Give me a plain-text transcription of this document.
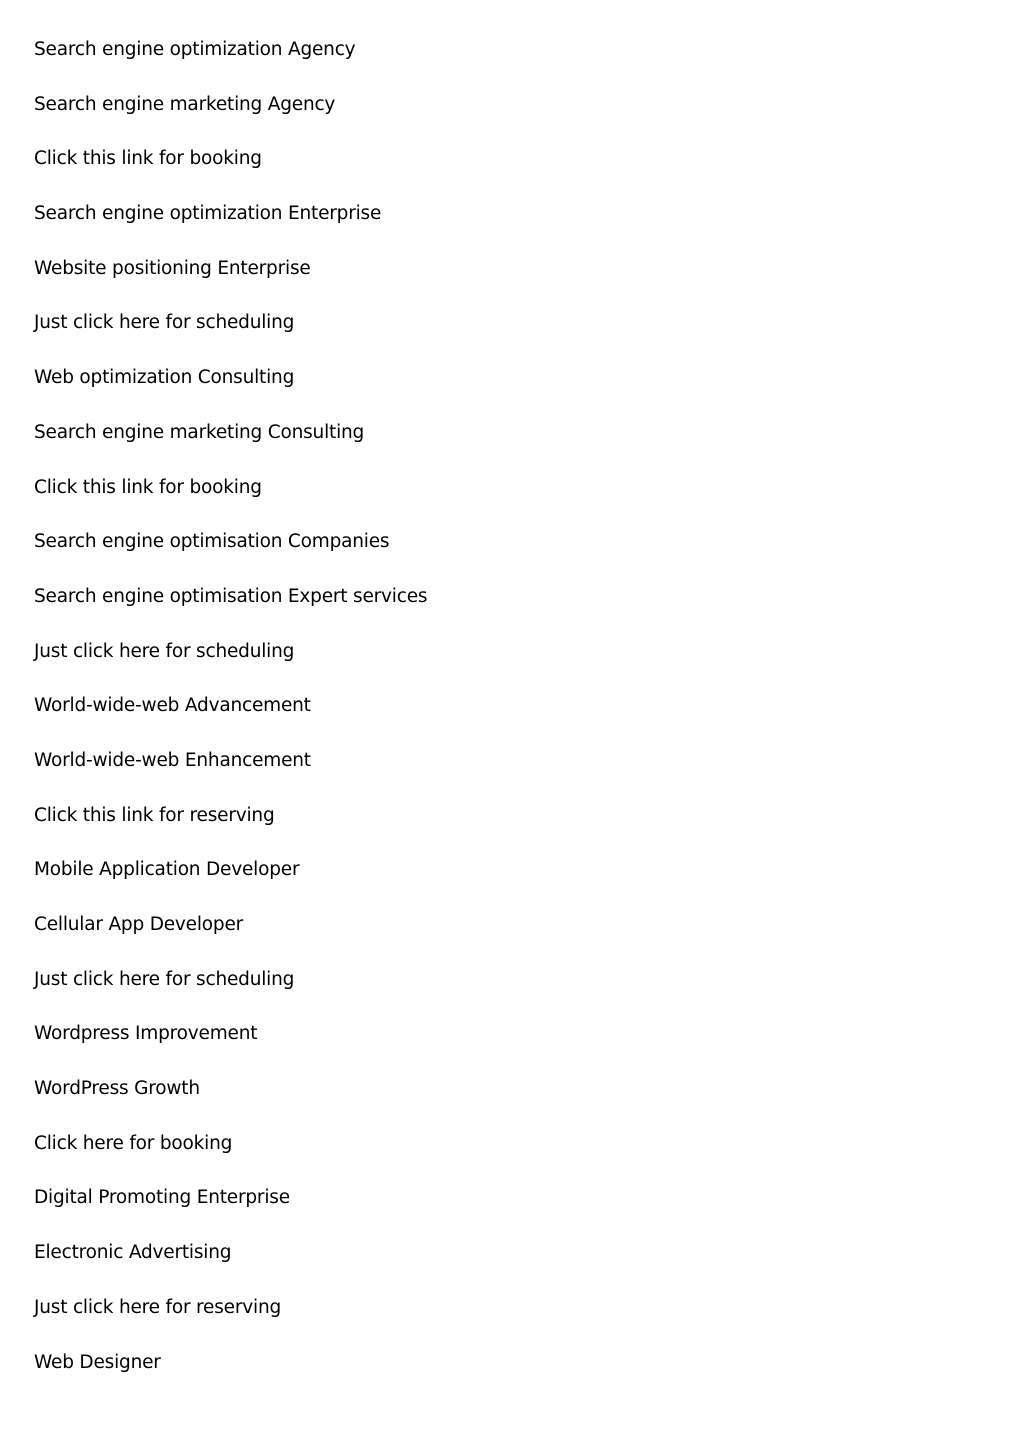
Search engine optimization Agency
Search engine marketing Agency
Click this link for booking
Search engine optimization Enterprise
Website positioning Enterprise
Just click here for scheduling
Web optimization Consulting
Search engine marketing Consulting
Click this link for booking
Search engine optimisation Companies
Search engine optimisation Expert services
Just click here for scheduling
World-wide-web Advancement
World-wide-web Enhancement
Click this link for reserving
Mobile Application Developer
Cellular App Developer
Just click here for scheduling
Wordpress Improvement
WordPress Growth
Click here for booking
Digital Promoting Enterprise
Electronic Advertising
Just click here for reserving
Web Designer
